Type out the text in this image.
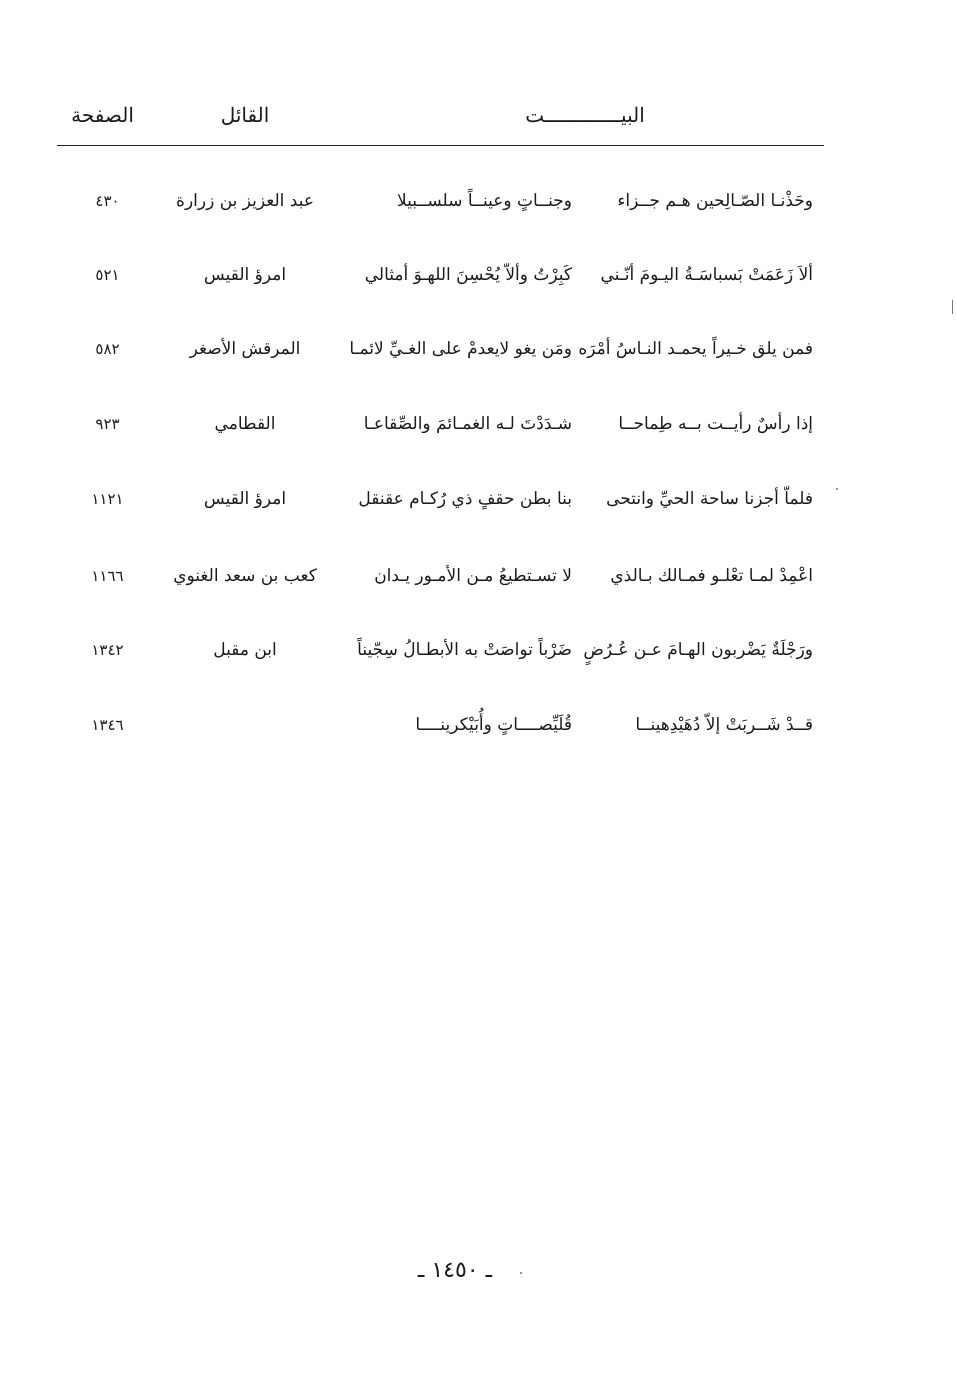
البيـــــــــــــت
القائل
الصفحة
وحَذْنـا الصّـالِحين هـم جــزاء
وجنــاتٍ وعينــاً سلســبيلا
عبد العزيز بن زرارة
٤٣٠
ألاَ زَعَمَتْ بَسباسَـةُ اليـومَ أنّـني
كَبِرْتُ وألاّ يُحْسِنَ اللهـوَ أمثالي
امرؤ القيس
٥٢١
فمن يلق خـيراً يحمـد النـاسُ أمْرَه
ومَن يغو لايعدمْ على الغـيِّ لائمـا
المرقش الأصغر
٥٨٢
إذا رأسٌ رأيــت بــه طِماحــا
شـدَدْتَ لـه الغمـائمَ والصِّقاعـا
القطامي
٩٢٣
فلماّ أجزنا ساحة الحيِّ وانتحى
بنا بطن حقفٍ ذي رُكـام عقنقل
امرؤ القيس
١١٢١
اعْمِدْ لمـا تعْلـو فمـالك بـالذي
لا تسـتطيعُ مـن الأمـور يـدان
كعب بن سعد الغنوي
١١٦٦
ورَجْلَةٌ يَضْربون الهـامَ عـن عُـرُضٍ
ضَرْباً تواصَتْ به الأبطـالُ سِجّيناً
ابن مقبل
١٣٤٢
قــدْ شَــربَتْ إلاّ دُهَيْدِهينــا
قُلَيِّصــــاتٍ وأُبَيْكرينــــا
١٣٤٦
ـ ١٤٥٠ ـ
